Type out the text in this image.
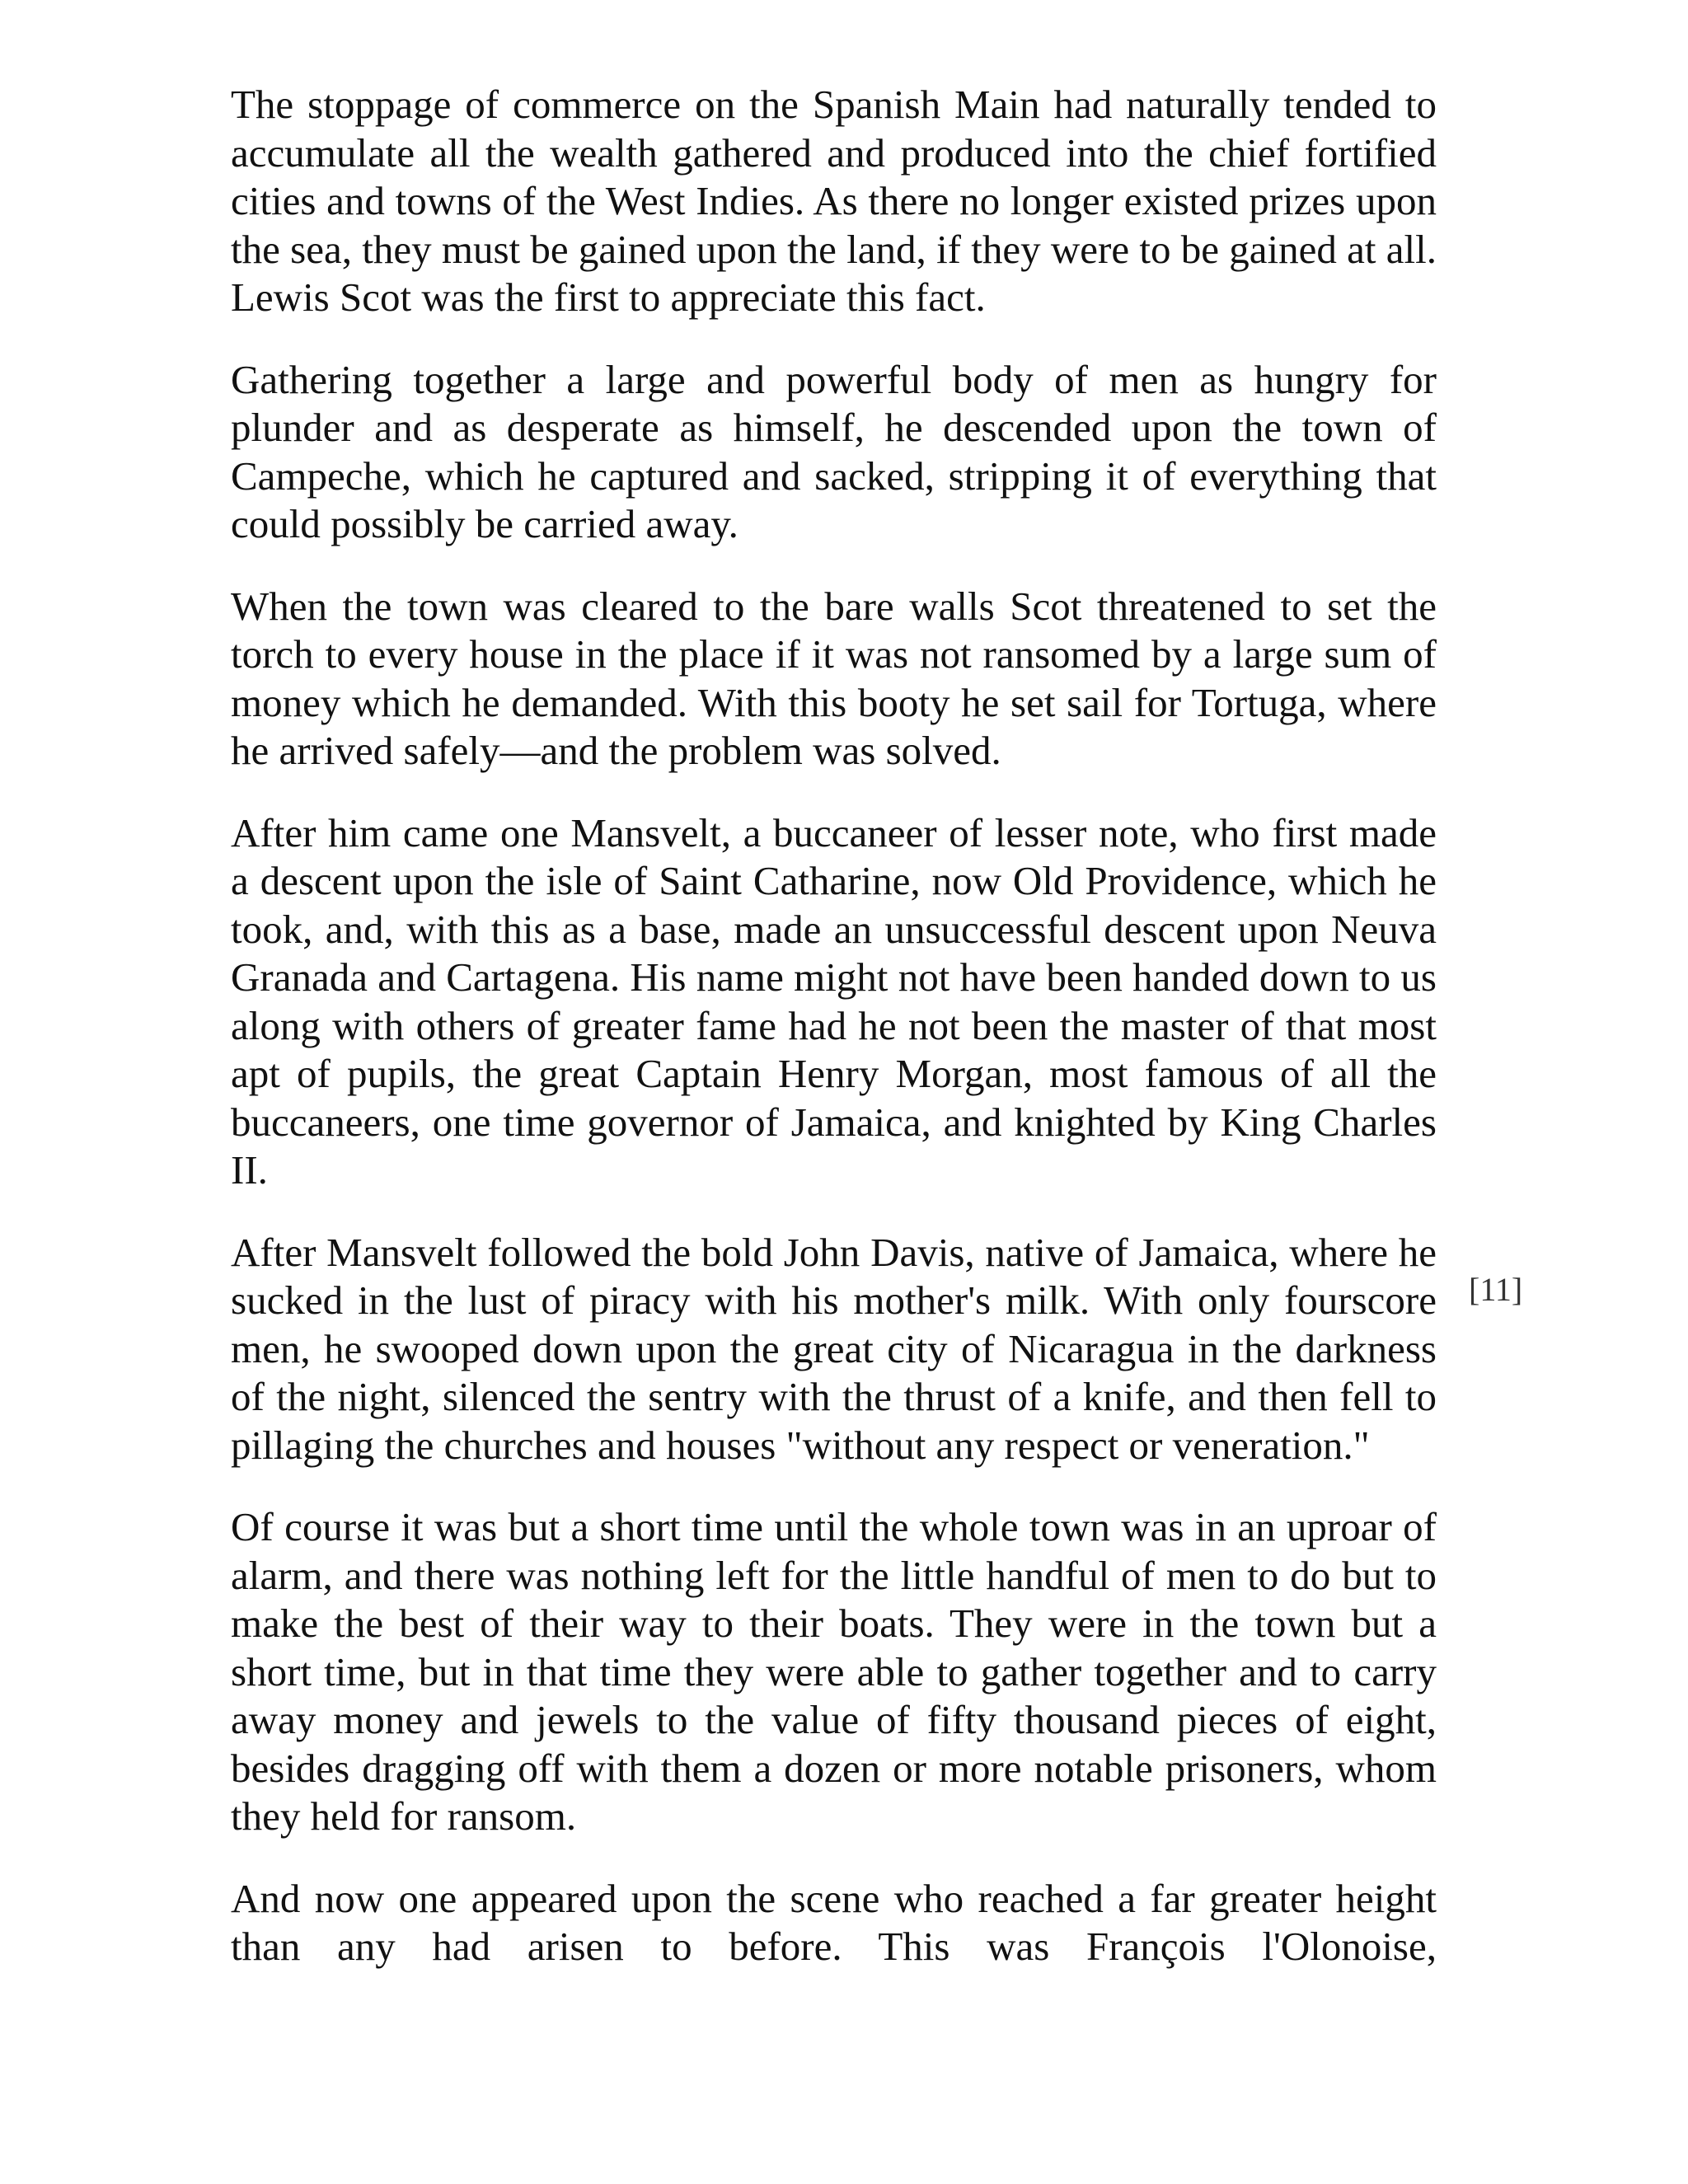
The stoppage of commerce on the Spanish Main had naturally tended to accumulate all the wealth gathered and produced into the chief fortified cities and towns of the West Indies. As there no longer existed prizes upon the sea, they must be gained upon the land, if they were to be gained at all. Lewis Scot was the first to appreciate this fact.

Gathering together a large and powerful body of men as hungry for plunder and as desperate as himself, he descended upon the town of Campeche, which he captured and sacked, stripping it of everything that could possibly be carried away.

When the town was cleared to the bare walls Scot threatened to set the torch to every house in the place if it was not ransomed by a large sum of money which he demanded. With this booty he set sail for Tortuga, where he arrived safely—and the problem was solved.

After him came one Mansvelt, a buccaneer of lesser note, who first made a descent upon the isle of Saint Catharine, now Old Providence, which he took, and, with this as a base, made an unsuccessful descent upon Neuva Granada and Cartagena. His name might not have been handed down to us along with others of greater fame had he not been the master of that most apt of pupils, the great Captain Henry Morgan, most famous of all the buccaneers, one time governor of Jamaica, and knighted by King Charles II.

After Mansvelt followed the bold John Davis, native of Jamaica, where he sucked in the lust of piracy with his mother's milk. With only fourscore men, he swooped down upon the great city of Nicaragua in the darkness of the night, silenced the sentry with the thrust of a knife, and then fell to pillaging the churches and houses "without any respect or veneration."

Of course it was but a short time until the whole town was in an uproar of alarm, and there was nothing left for the little handful of men to do but to make the best of their way to their boats. They were in the town but a short time, but in that time they were able to gather together and to carry away money and jewels to the value of fifty thousand pieces of eight, besides dragging off with them a dozen or more notable prisoners, whom they held for ransom.

And now one appeared upon the scene who reached a far greater height than any had arisen to before. This was François l'Olonoise,

[11]
